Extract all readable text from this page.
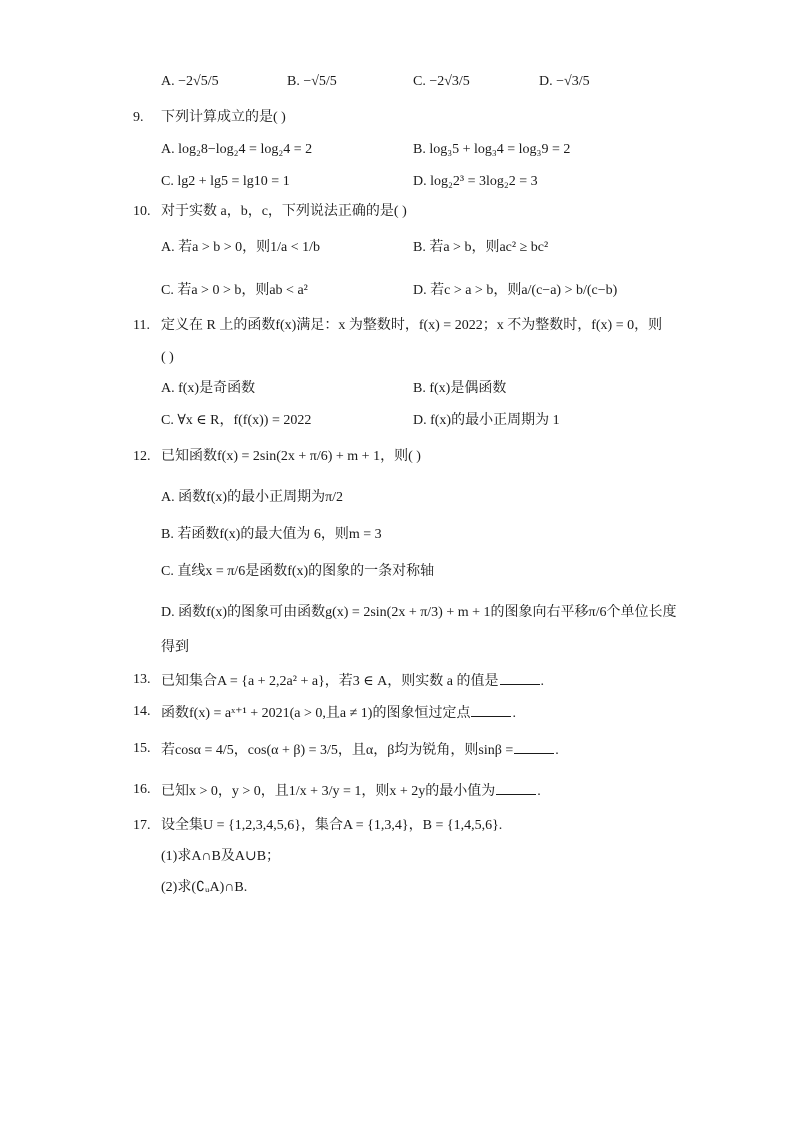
A. −2√5/5	B. −√5/5	C. −2√3/5	D. −√3/5
9. 下列计算成立的是( )
A. log₂8−log₂4 = log₂4 = 2	B. log₃5 + log₃4 = log₃9 = 2
C. lg2 + lg5 = lg10 = 1	D. log₂2³ = 3log₂2 = 3
10. 对于实数 a，b，c，下列说法正确的是( )
A. 若a > b > 0，则1/a < 1/b	B. 若a > b，则ac² ≥ bc²
C. 若a > 0 > b，则ab < a²	D. 若c > a > b，则a/(c−a) > b/(c−b)
11. 定义在 R 上的函数f(x)满足：x 为整数时，f(x) = 2022；x 不为整数时，f(x) = 0，则
( )
A. f(x)是奇函数	B. f(x)是偶函数
C. ∀x ∈ R，f(f(x)) = 2022	D. f(x)的最小正周期为 1
12. 已知函数f(x) = 2sin(2x + π/6) + m + 1，则( )
A. 函数f(x)的最小正周期为π/2
B. 若函数f(x)的最大值为 6，则m = 3
C. 直线x = π/6是函数f(x)的图象的一条对称轴
D. 函数f(x)的图象可由函数g(x) = 2sin(2x + π/3) + m + 1的图象向右平移π/6个单位长度
得到
13. 已知集合A = {a + 2,2a² + a}，若3 ∈ A，则实数 a 的值是	.
14. 函数f(x) = aˣ⁺¹ + 2021(a > 0,且a ≠ 1)的图象恒过定点	.
15. 若cosα = 4/5，cos(α + β) = 3/5，且α，β均为锐角，则sinβ =	.
16. 已知x > 0，y > 0，且1/x + 3/y = 1，则x + 2y的最小值为	.
17. 设全集U = {1,2,3,4,5,6}，集合A = {1,3,4}，B = {1,4,5,6}.
(1)求A∩B及A∪B；
(2)求(∁ᵤA)∩B.
